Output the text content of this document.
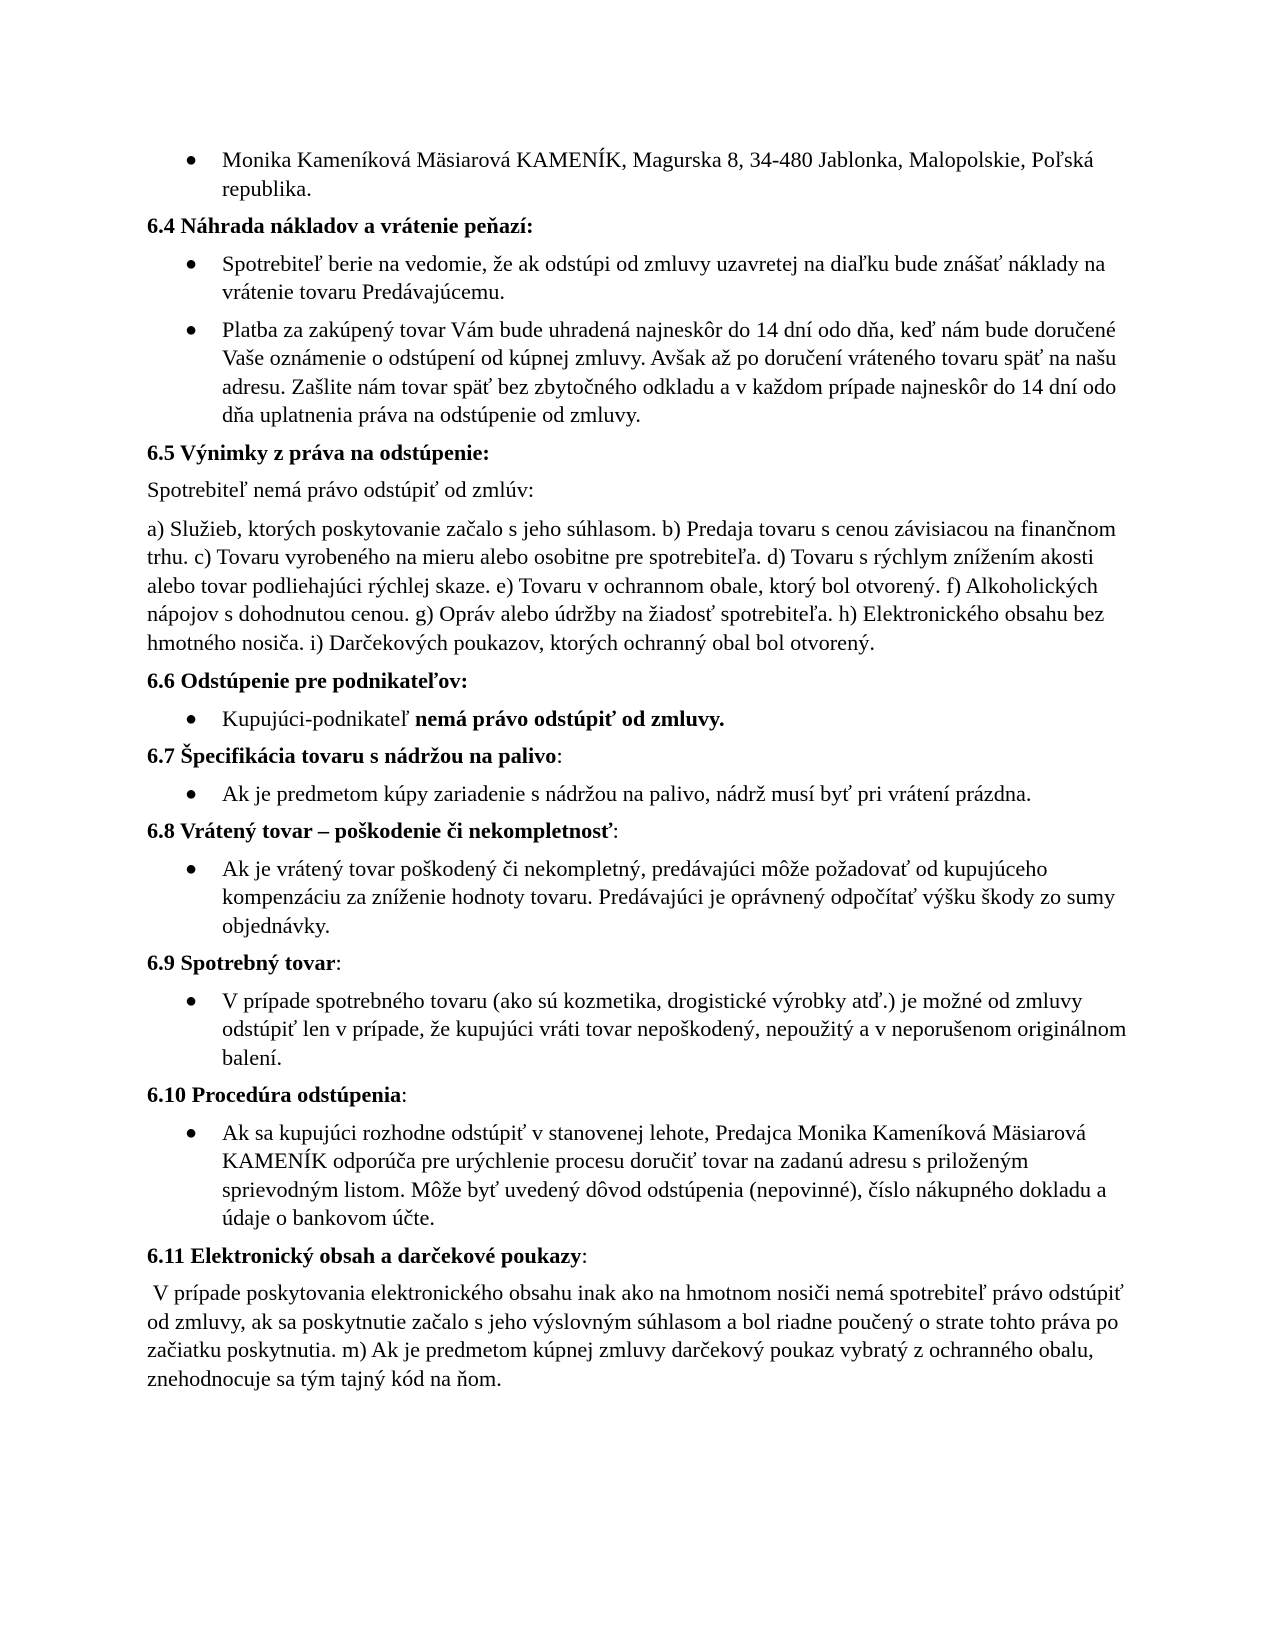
● Monika Kameníková Mäsiarová KAMENÍK, Magurska 8, 34-480 Jablonka, Malopolskie, Poľská republika.
6.4 Náhrada nákladov a vrátenie peňazí:
● Spotrebiteľ berie na vedomie, že ak odstúpi od zmluvy uzavretej na diaľku bude znášať náklady na vrátenie tovaru Predávajúcemu.
● Platba za zakúpený tovar Vám bude uhradená najneskôr do 14 dní odo dňa, keď nám bude doručené Vaše oznámenie o odstúpení od kúpnej zmluvy. Avšak až po doručení vráteného tovaru späť na našu adresu. Zašlite nám tovar späť bez zbytočného odkladu a v každom prípade najneskôr do 14 dní odo dňa uplatnenia práva na odstúpenie od zmluvy.
6.5 Výnimky z práva na odstúpenie:

Spotrebiteľ nemá právo odstúpiť od zmlúv:

a) Služieb, ktorých poskytovanie začalo s jeho súhlasom. b) Predaja tovaru s cenou závisiacou na finančnom trhu. c) Tovaru vyrobeného na mieru alebo osobitne pre spotrebiteľa. d) Tovaru s rýchlym znížením akosti alebo tovar podliehajúci rýchlej skaze. e) Tovaru v ochrannom obale, ktorý bol otvorený. f) Alkoholických nápojov s dohodnutou cenou. g) Opráv alebo údržby na žiadosť spotrebiteľa. h) Elektronického obsahu bez hmotného nosiča. i) Darčekových poukazov, ktorých ochranný obal bol otvorený.

6.6 Odstúpenie pre podnikateľov:
● Kupujúci-podnikateľ nemá právo odstúpiť od zmluvy.
6.7 Špecifikácia tovaru s nádržou na palivo:
● Ak je predmetom kúpy zariadenie s nádržou na palivo, nádrž musí byť pri vrátení prázdna.
6.8 Vrátený tovar – poškodenie či nekompletnosť:
● Ak je vrátený tovar poškodený či nekompletný, predávajúci môže požadovať od kupujúceho kompenzáciu za zníženie hodnoty tovaru. Predávajúci je oprávnený odpočítať výšku škody zo sumy objednávky.
6.9 Spotrebný tovar:
● V prípade spotrebného tovaru (ako sú kozmetika, drogistické výrobky atď.) je možné od zmluvy odstúpiť len v prípade, že kupujúci vráti tovar nepoškodený, nepoužitý a v neporušenom originálnom balení.
6.10 Procedúra odstúpenia:
● Ak sa kupujúci rozhodne odstúpiť v stanovenej lehote, Predajca Monika Kameníková Mäsiarová KAMENÍK odporúča pre urýchlenie procesu doručiť tovar na zadanú adresu s priloženým sprievodným listom. Môže byť uvedený dôvod odstúpenia (nepovinné), číslo nákupného dokladu a údaje o bankovom účte.
6.11 Elektronický obsah a darčekové poukazy:

V prípade poskytovania elektronického obsahu inak ako na hmotnom nosiči nemá spotrebiteľ právo odstúpiť od zmluvy, ak sa poskytnutie začalo s jeho výslovným súhlasom a bol riadne poučený o strate tohto práva po začiatku poskytnutia. m) Ak je predmetom kúpnej zmluvy darčekový poukaz vybratý z ochranného obalu, znehodnocuje sa tým tajný kód na ňom.
